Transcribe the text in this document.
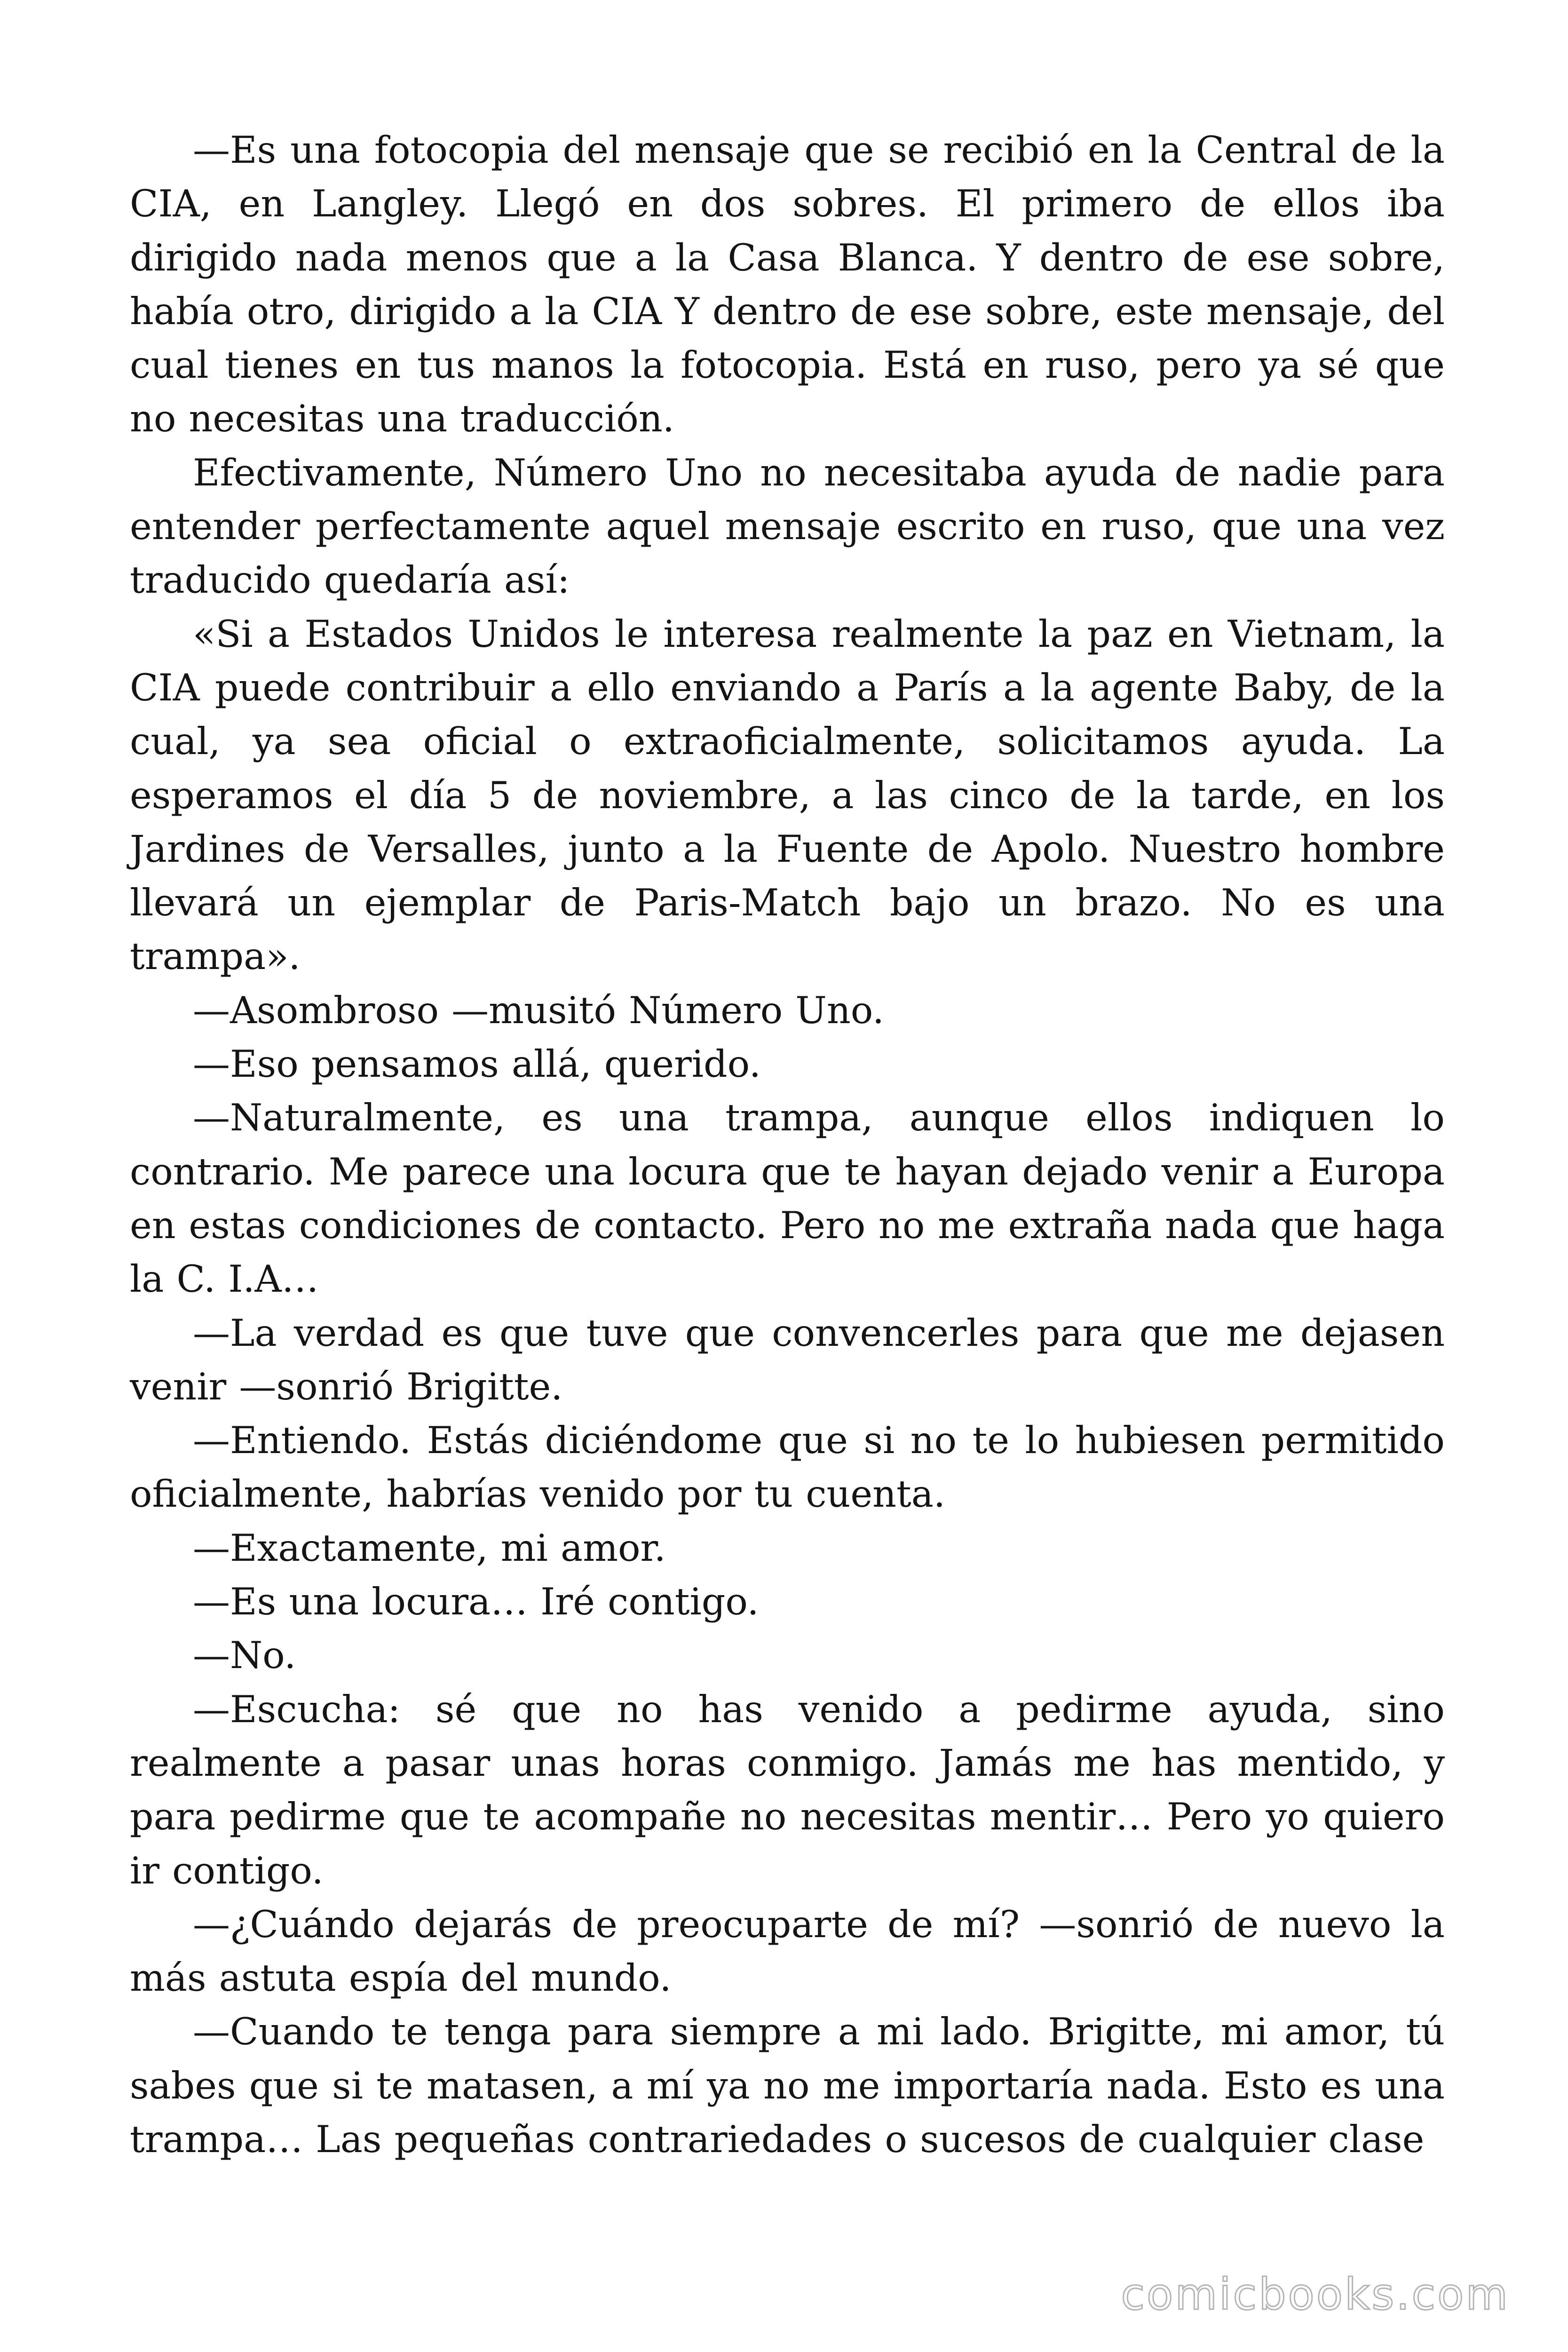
—Es una fotocopia del mensaje que se recibió en la Central de la CIA, en Langley. Llegó en dos sobres. El primero de ellos iba dirigido nada menos que a la Casa Blanca. Y dentro de ese sobre, había otro, dirigido a la CIA Y dentro de ese sobre, este mensaje, del cual tienes en tus manos la fotocopia. Está en ruso, pero ya sé que no necesitas una traducción.

Efectivamente, Número Uno no necesitaba ayuda de nadie para entender perfectamente aquel mensaje escrito en ruso, que una vez traducido quedaría así:

«Si a Estados Unidos le interesa realmente la paz en Vietnam, la CIA puede contribuir a ello enviando a París a la agente Baby, de la cual, ya sea oficial o extraoficialmente, solicitamos ayuda. La esperamos el día 5 de noviembre, a las cinco de la tarde, en los Jardines de Versalles, junto a la Fuente de Apolo. Nuestro hombre llevará un ejemplar de Paris-Match bajo un brazo. No es una trampa».

—Asombroso —musitó Número Uno.

—Eso pensamos allá, querido.

—Naturalmente, es una trampa, aunque ellos indiquen lo contrario. Me parece una locura que te hayan dejado venir a Europa en estas condiciones de contacto. Pero no me extraña nada que haga la C. I.A…

—La verdad es que tuve que convencerles para que me dejasen venir —sonrió Brigitte.

—Entiendo. Estás diciéndome que si no te lo hubiesen permitido oficialmente, habrías venido por tu cuenta.

—Exactamente, mi amor.

—Es una locura… Iré contigo.

—No.

—Escucha: sé que no has venido a pedirme ayuda, sino realmente a pasar unas horas conmigo. Jamás me has mentido, y para pedirme que te acompañe no necesitas mentir… Pero yo quiero ir contigo.

—¿Cuándo dejarás de preocuparte de mí? —sonrió de nuevo la más astuta espía del mundo.

—Cuando te tenga para siempre a mi lado. Brigitte, mi amor, tú sabes que si te matasen, a mí ya no me importaría nada. Esto es una trampa… Las pequeñas contrariedades o sucesos de cualquier clase

comicbooks.com
